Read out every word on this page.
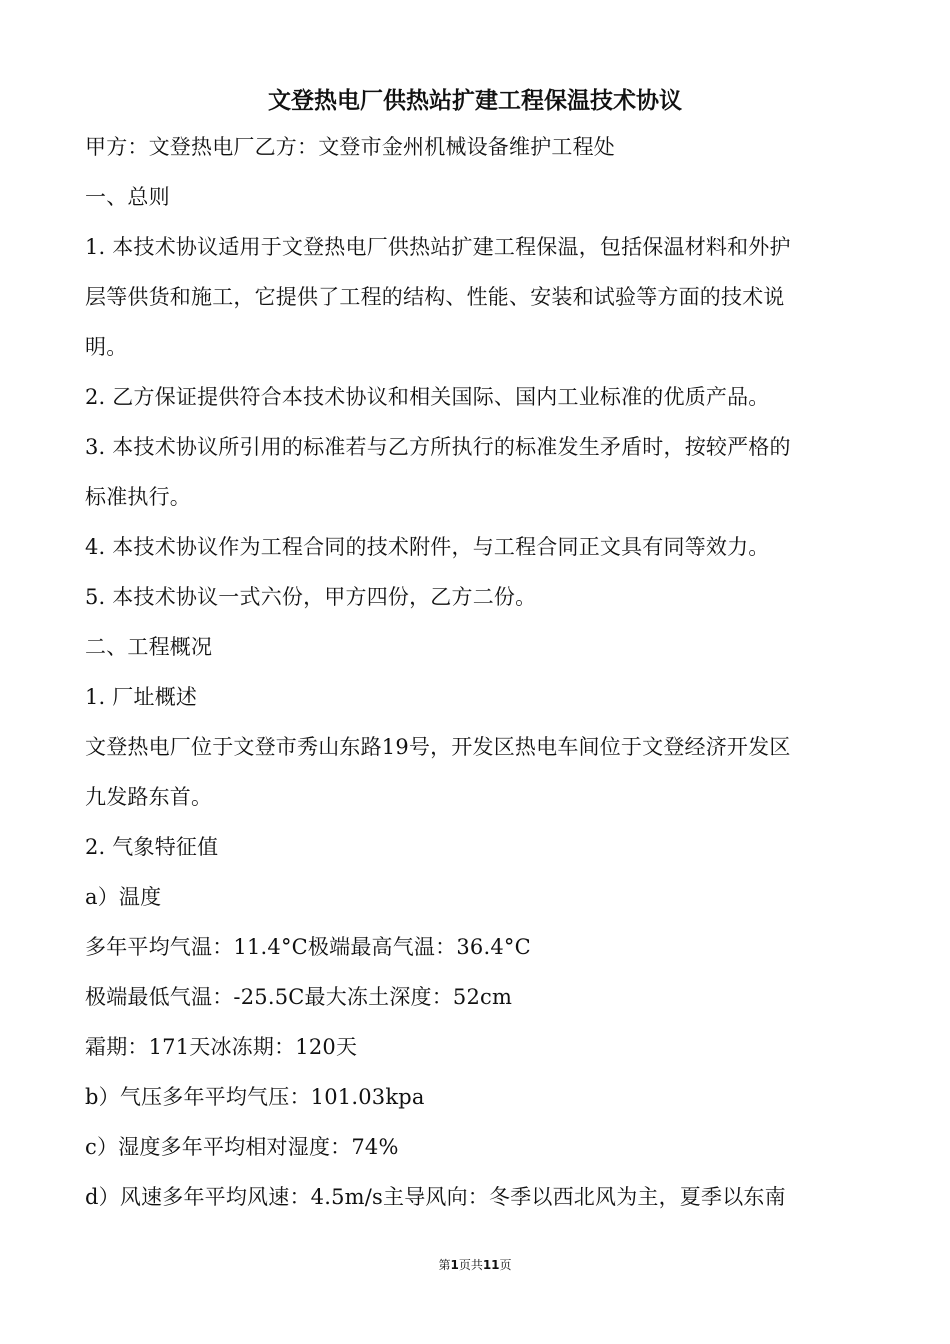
文登热电厂供热站扩建工程保温技术协议

甲方：文登热电厂乙方：文登市金州机械设备维护工程处

一、总则

1. 本技术协议适用于文登热电厂供热站扩建工程保温，包括保温材料和外护

层等供货和施工，它提供了工程的结构、性能、安装和试验等方面的技术说

明。

2. 乙方保证提供符合本技术协议和相关国际、国内工业标准的优质产品。

3. 本技术协议所引用的标准若与乙方所执行的标准发生矛盾时，按较严格的

标准执行。

4. 本技术协议作为工程合同的技术附件，与工程合同正文具有同等效力。

5. 本技术协议一式六份，甲方四份，乙方二份。

二、工程概况

1. 厂址概述

文登热电厂位于文登市秀山东路19号，开发区热电车间位于文登经济开发区

九发路东首。

2. 气象特征值

a）温度

多年平均气温：11.4°C极端最高气温：36.4°C

极端最低气温：-25.5C最大冻土深度：52cm

霜期：171天冰冻期：120天

b）气压多年平均气压：101.03kpa

c）湿度多年平均相对湿度：74%

d）风速多年平均风速：4.5m/s主导风向：冬季以西北风为主，夏季以东南

第1页共11页
